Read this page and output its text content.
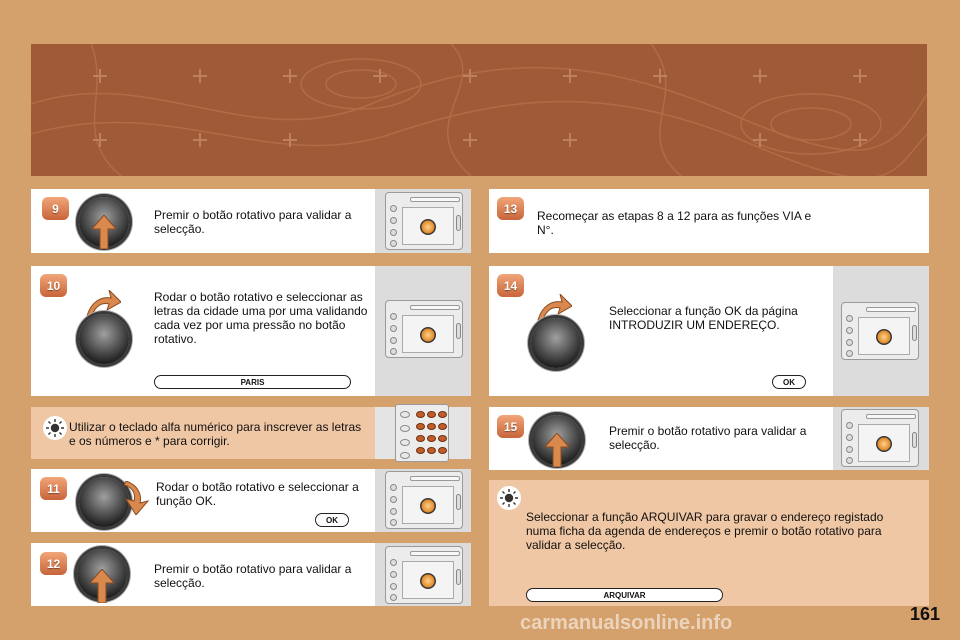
9	Premir o botão rotativo para validar a selecção.
10
Rodar o botão rotativo e seleccionar as letras da cidade uma por uma validando cada vez por uma pressão no botão rotativo.
PARIS
Utilizar o teclado alfa numérico para inscrever as letras e os números e * para corrigir.
11	Rodar o botão rotativo e seleccionar a função OK.
OK
12	Premir o botão rotativo para validar a selecção.
13
Recomeçar as etapas 8 a 12 para as funções VIA e N°.
14
Seleccionar a função OK da página INTRODUZIR UM ENDEREÇO.
OK
15	Premir o botão rotativo para validar a selecção.
Seleccionar a função ARQUIVAR para gravar o endereço registado numa ficha da agenda de endereços e premir o botão rotativo para validar a selecção.
ARQUIVAR
161
carmanualsonline.info
